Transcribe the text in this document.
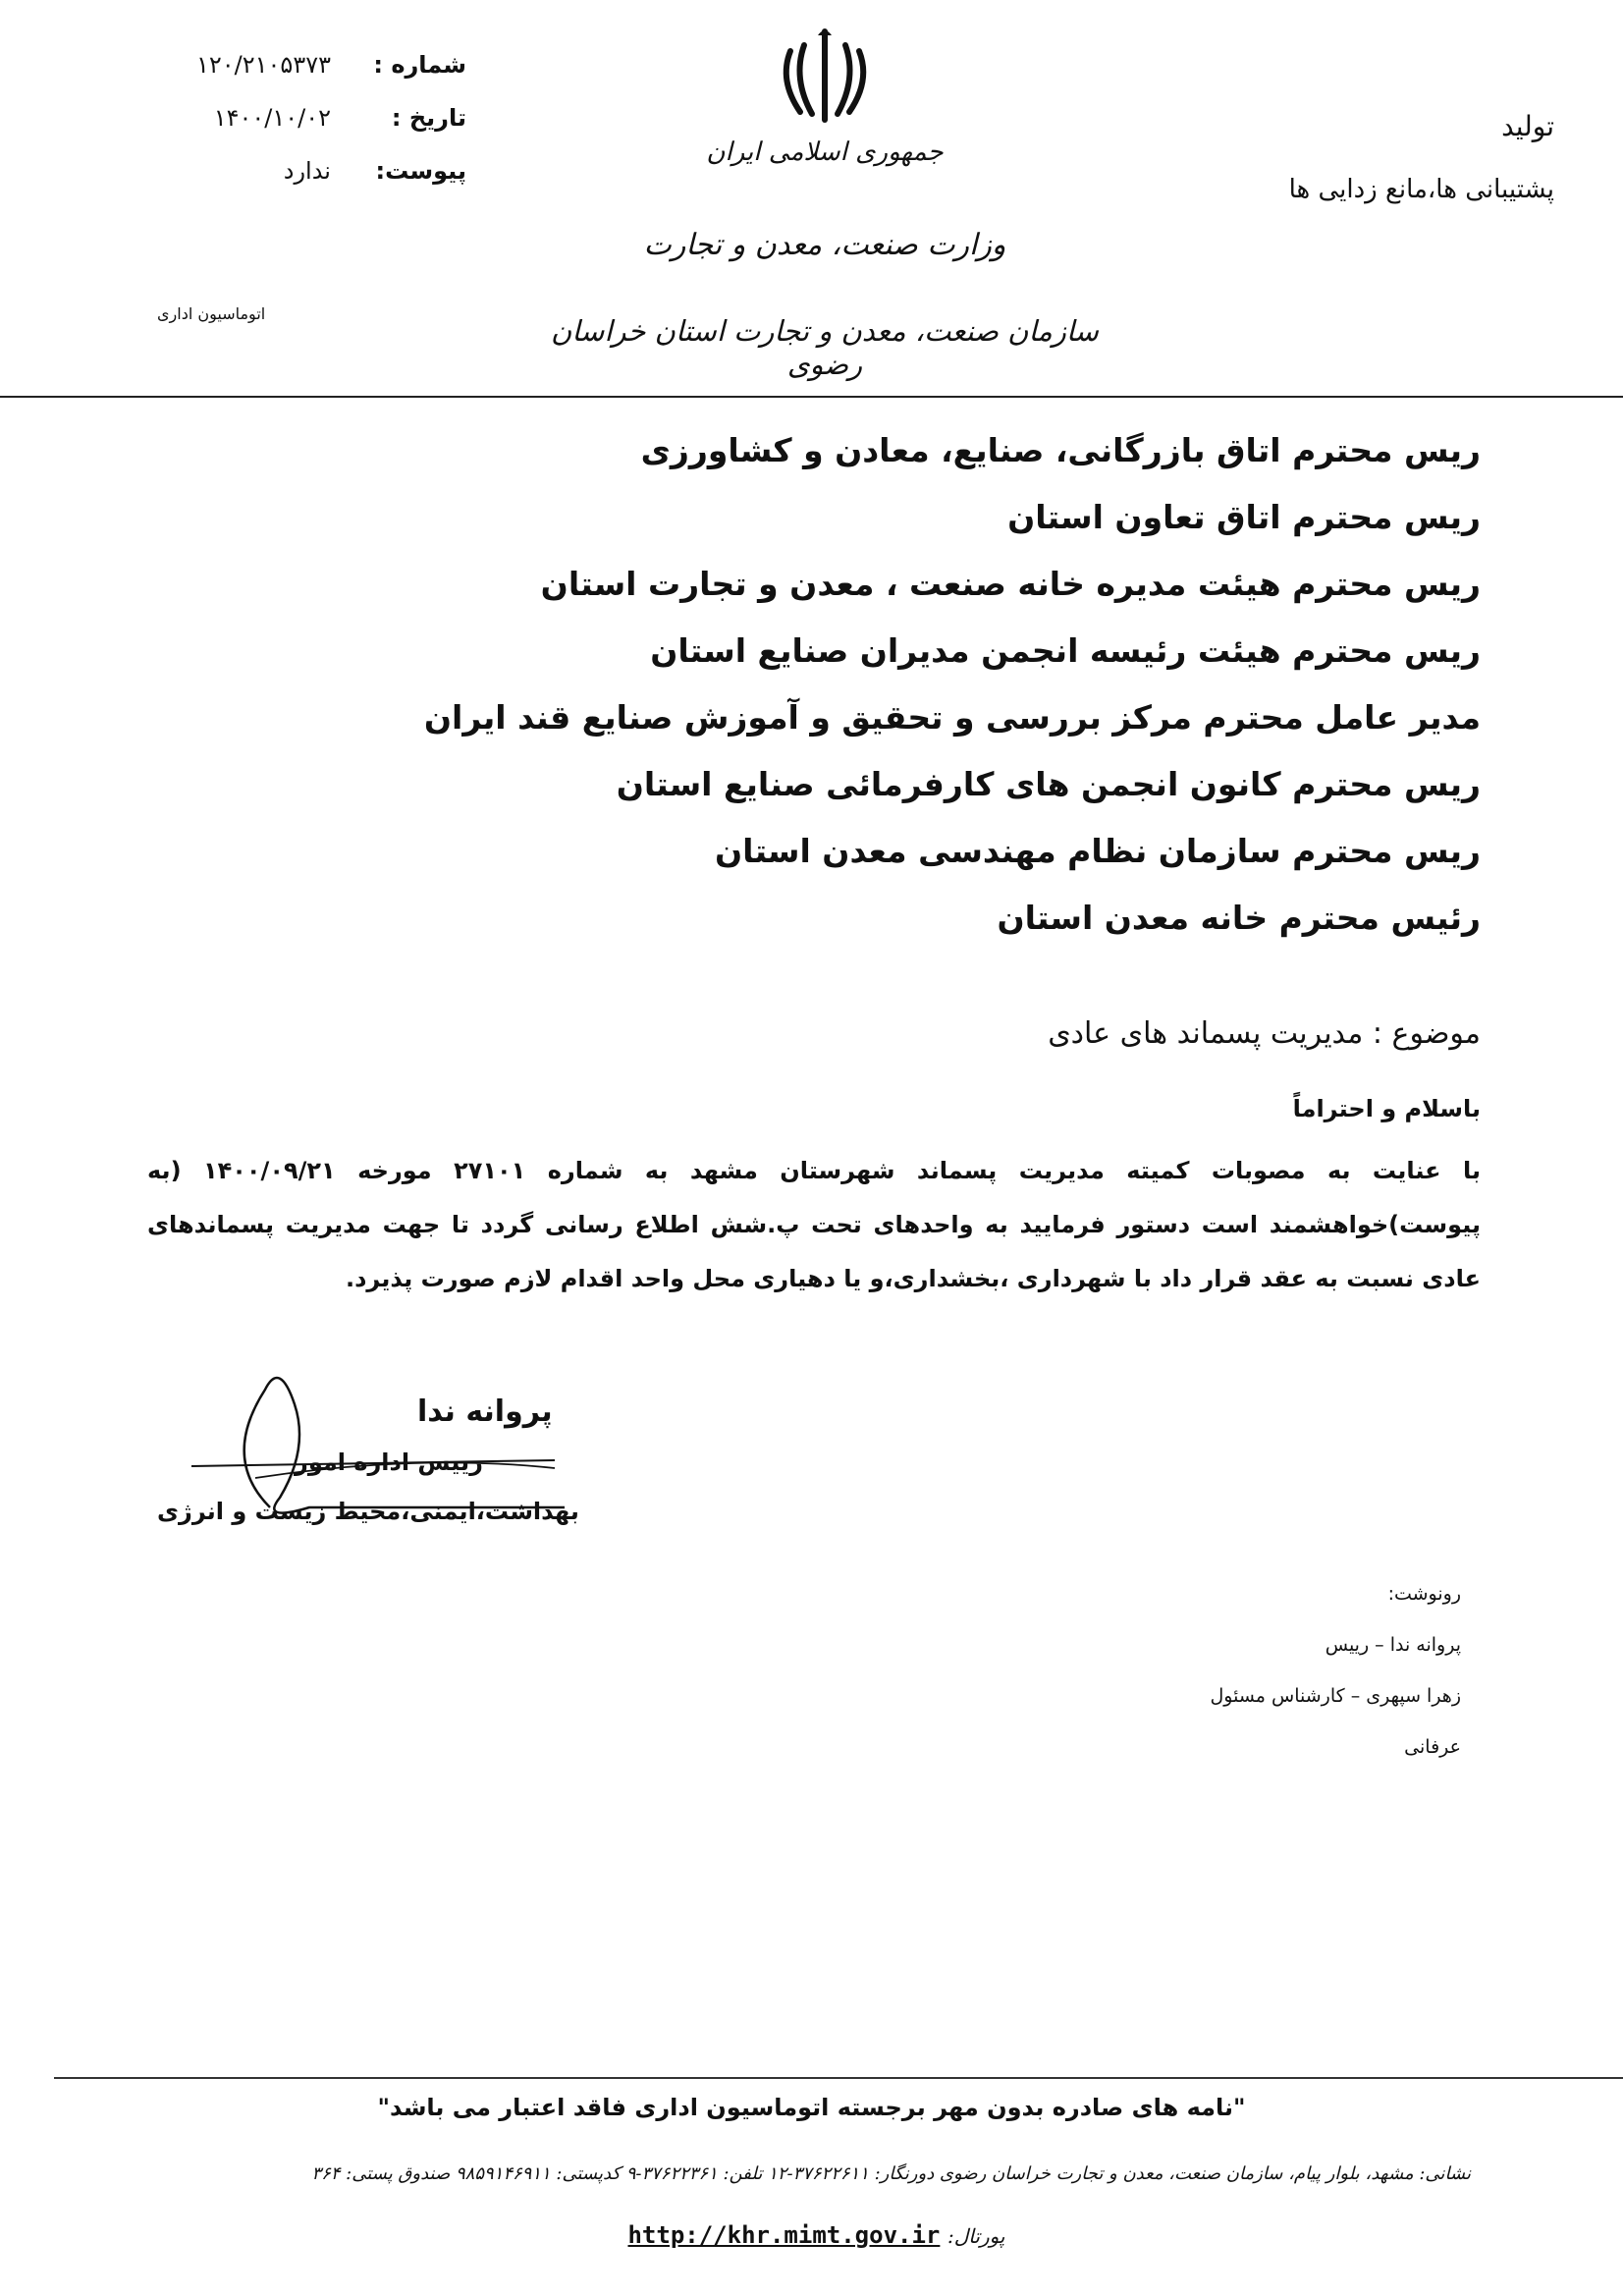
شماره :
۱۲۰/۲۱۰۵۳۷۳
تاریخ :
۱۴۰۰/۱۰/۰۲
پیوست:
ندارد
اتوماسیون اداری
جمهوری اسلامی ایران
وزارت صنعت، معدن و تجارت
سازمان صنعت، معدن و تجارت استان خراسان رضوی
تولید
پشتیبانی ها،مانع زدایی ها
ریس محترم اتاق بازرگانی، صنایع، معادن و کشاورزی
ریس محترم اتاق تعاون استان
ریس محترم هیئت مدیره خانه صنعت ، معدن و تجارت استان
ریس محترم هیئت رئیسه انجمن مدیران صنایع استان
مدیر عامل محترم مرکز بررسی و تحقیق و آموزش صنایع قند ایران
ریس محترم کانون انجمن های کارفرمائی صنایع استان
ریس محترم سازمان نظام مهندسی معدن استان
رئیس محترم خانه معدن استان
موضوع : مدیریت پسماند های عادی
باسلام و احتراماً
با عنایت به مصوبات کمیته مدیریت پسماند شهرستان مشهد به شماره ۲۷۱۰۱ مورخه ۱۴۰۰/۰۹/۲۱ (به پیوست)خواهشمند است دستور فرمایید به واحدهای تحت پ.شش اطلاع رسانی گردد تا جهت مدیریت پسماندهای عادی نسبت به عقد قرار داد با شهرداری ،بخشداری،و یا دهیاری محل واحد اقدام لازم صورت پذیرد.
پروانه ندا
رییس اداره امور
بهداشت،ایمنی،محیط زیست و انرژی
رونوشت:
پروانه ندا – رییس
زهرا سپهری – کارشناس مسئول
عرفانی
"نامه های صادره بدون مهر برجسته اتوماسیون اداری فاقد اعتبار می باشد"
نشانی: مشهد، بلوار پیام، سازمان صنعت، معدن و تجارت خراسان رضوی دورنگار: ۳۷۶۲۲۶۱۱-۱۲ تلفن: ۳۷۶۲۲۳۶۱-۹ کدپستی: ۹۸۵۹۱۴۶۹۱۱ صندوق پستی: ۳۶۴
پورتال: http://khr.mimt.gov.ir
